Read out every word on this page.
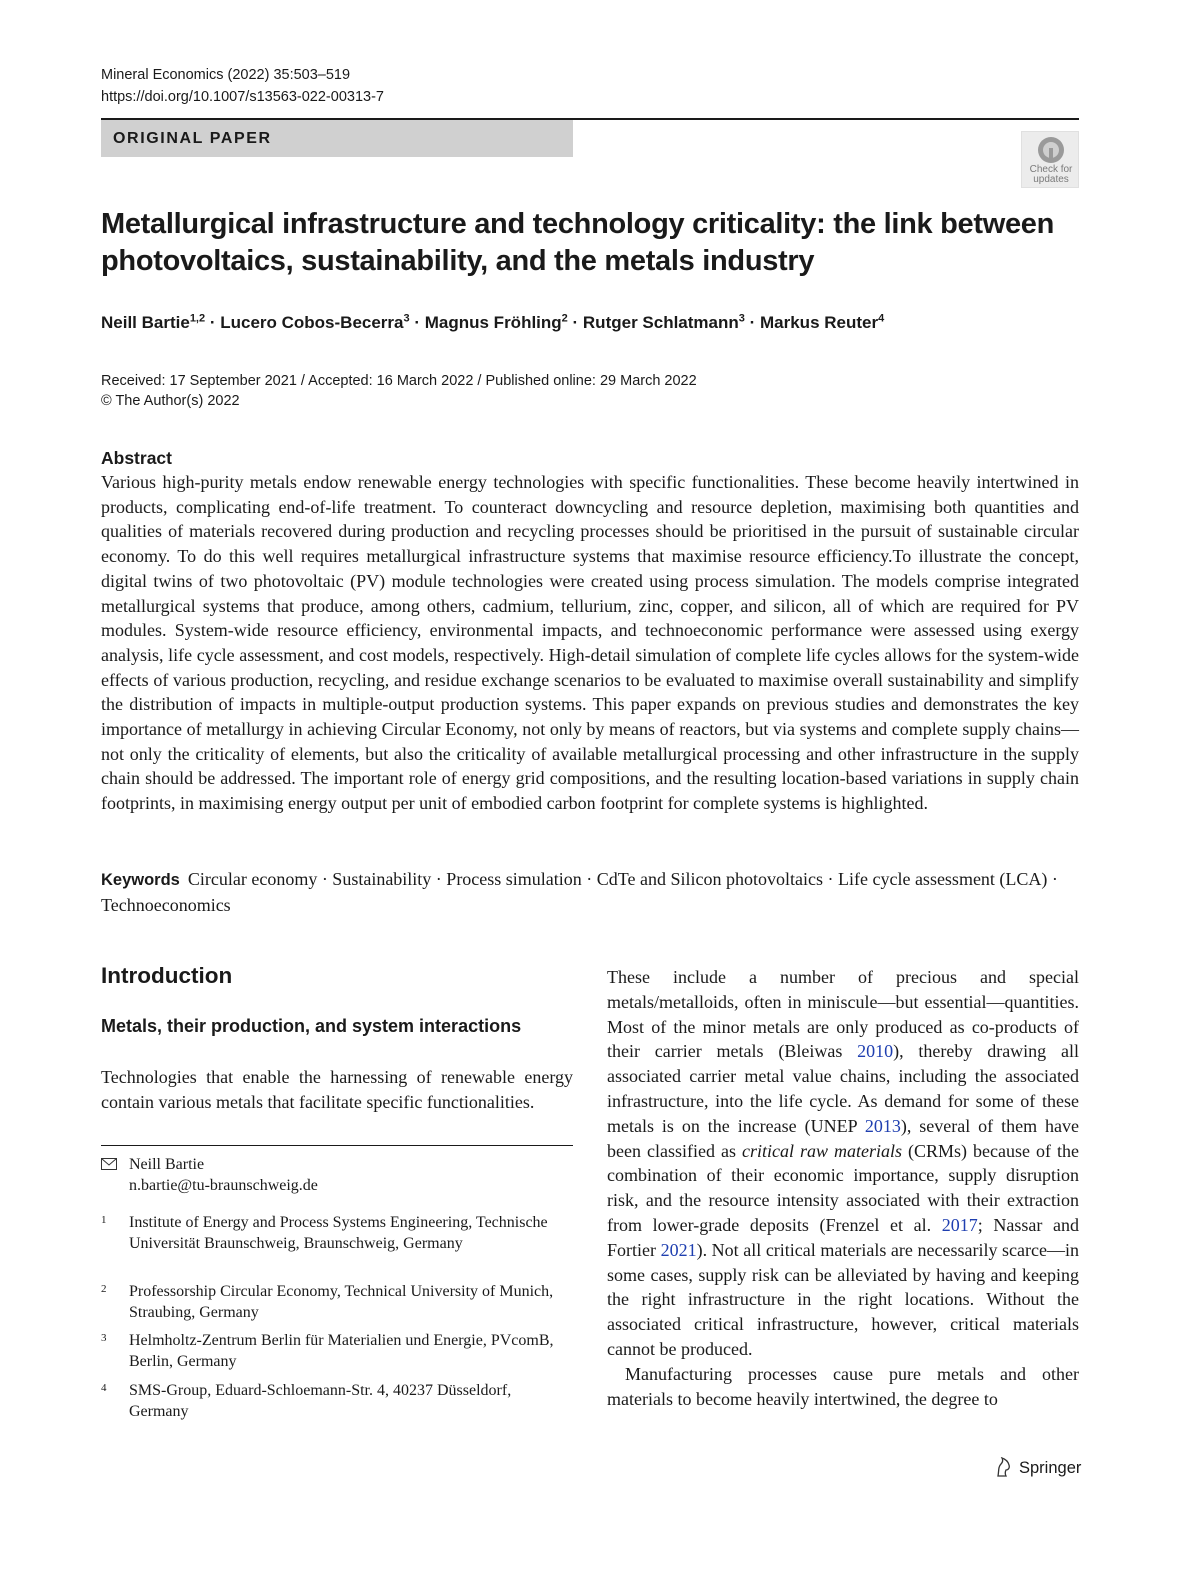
Mineral Economics (2022) 35:503–519
https://doi.org/10.1007/s13563-022-00313-7
ORIGINAL PAPER
Check for
updates
Metallurgical infrastructure and technology criticality: the link between photovoltaics, sustainability, and the metals industry
Neill Bartie$^{1,2}$ · Lucero Cobos-Becerra$^3$ · Magnus Fröhling$^2$ · Rutger Schlatmann$^3$ · Markus Reuter$^4$
Received: 17 September 2021 / Accepted: 16 March 2022 / Published online: 29 March 2022
© The Author(s) 2022
Abstract

Various high-purity metals endow renewable energy technologies with specific functionalities. These become heavily intertwined in products, complicating end-of-life treatment. To counteract downcycling and resource depletion, maximising both quantities and qualities of materials recovered during production and recycling processes should be prioritised in the pursuit of sustainable circular economy. To do this well requires metallurgical infrastructure systems that maximise resource efficiency.To illustrate the concept, digital twins of two photovoltaic (PV) module technologies were created using process simulation. The models comprise integrated metallurgical systems that produce, among others, cadmium, tellurium, zinc, copper, and silicon, all of which are required for PV modules. System-wide resource efficiency, environmental impacts, and technoeconomic performance were assessed using exergy analysis, life cycle assessment, and cost models, respectively. High-detail simulation of complete life cycles allows for the system-wide effects of various production, recycling, and residue exchange scenarios to be evaluated to maximise overall sustainability and simplify the distribution of impacts in multiple-output production systems. This paper expands on previous studies and demonstrates the key importance of metallurgy in achieving Circular Economy, not only by means of reactors, but via systems and complete supply chains—not only the criticality of elements, but also the criticality of available metallurgical processing and other infrastructure in the supply chain should be addressed. The important role of energy grid compositions, and the resulting location-based variations in supply chain footprints, in maximising energy output per unit of embodied carbon footprint for complete systems is highlighted.

Keywords Circular economy · Sustainability · Process simulation · CdTe and Silicon photovoltaics · Life cycle assessment (LCA) · Technoeconomics
Introduction
Metals, their production, and system interactions

Technologies that enable the harnessing of renewable energy contain various metals that facilitate specific functionalities.

Neill Bartie
n.bartie@tu-braunschweig.de
1 Institute of Energy and Process Systems Engineering, Technische Universität Braunschweig, Braunschweig, Germany
2 Professorship Circular Economy, Technical University of Munich, Straubing, Germany
3 Helmholtz-Zentrum Berlin für Materialien und Energie, PVcomB, Berlin, Germany
4 SMS-Group, Eduard-Schloemann-Str. 4, 40237 Düsseldorf, Germany

These include a number of precious and special metals/metalloids, often in miniscule—but essential—quantities. Most of the minor metals are only produced as co-products of their carrier metals (Bleiwas 2010), thereby drawing all associated carrier metal value chains, including the associated infrastructure, into the life cycle. As demand for some of these metals is on the increase (UNEP 2013), several of them have been classified as critical raw materials (CRMs) because of the combination of their economic importance, supply disruption risk, and the resource intensity associated with their extraction from lower-grade deposits (Frenzel et al. 2017; Nassar and Fortier 2021). Not all critical materials are necessarily scarce—in some cases, supply risk can be alleviated by having and keeping the right infrastructure in the right locations. Without the associated critical infrastructure, however, critical materials cannot be produced.

Manufacturing processes cause pure metals and other materials to become heavily intertwined, the degree to

Springer
